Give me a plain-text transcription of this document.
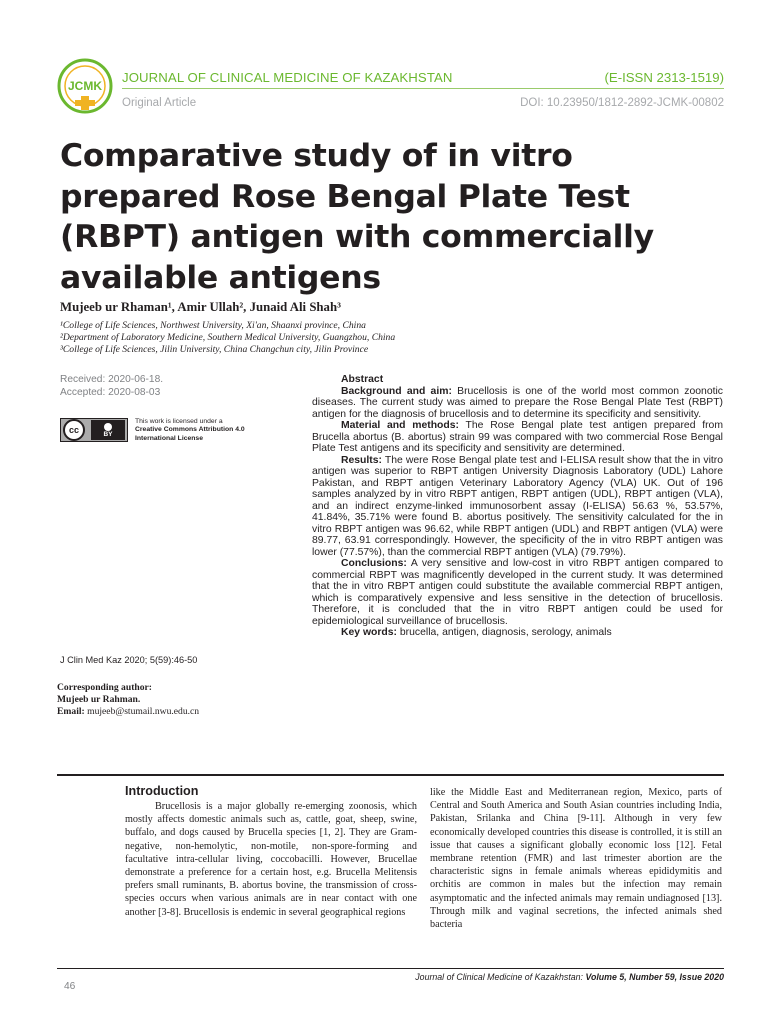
JCMK
JOURNAL OF CLINICAL MEDICINE OF KAZAKHSTAN	(E-ISSN 2313-1519)
Original Article	DOI: 10.23950/1812-2892-JCMK-00802
Comparative study of in vitro
prepared Rose Bengal Plate Test
(RBPT) antigen with commercially
available antigens
Mujeeb ur Rhaman¹, Amir Ullah², Junaid Ali Shah³
¹College of Life Sciences, Northwest University, Xi'an, Shaanxi province, China
²Department of Laboratory Medicine, Southern Medical University, Guangzhou, China
³College of Life Sciences, Jilin University, China Changchun city, Jilin Province
Received: 2020-06-18.
Accepted: 2020-08-03
cc	BY
This work is licensed under a
Creative Commons Attribution 4.0
International License
J Clin Med Kaz 2020; 5(59):46-50
Corresponding author:
Mujeeb ur Rahman.
Email: mujeeb@stumail.nwu.edu.cn
Abstract

Background and aim: Brucellosis is one of the world most common zoonotic diseases. The current study was aimed to prepare the Rose Bengal Plate Test (RBPT) antigen for the diagnosis of brucellosis and to determine its specificity and sensitivity.

Material and methods: The Rose Bengal plate test antigen prepared from Brucella abortus (B. abortus) strain 99 was compared with two commercial Rose Bengal Plate Test antigens and its specificity and sensitivity are determined.

Results: The were Rose Bengal plate test and I-ELISA result show that the in vitro antigen was superior to RBPT antigen University Diagnosis Laboratory (UDL) Lahore Pakistan, and RBPT antigen Veterinary Laboratory Agency (VLA) UK. Out of 196 samples analyzed by in vitro RBPT antigen, RBPT antigen (UDL), RBPT antigen (VLA), and an indirect enzyme-linked immunosorbent assay (I-ELISA) 56.63 %, 53.57%, 41.84%, 35.71% were found B. abortus positively. The sensitivity calculated for the in vitro RBPT antigen was 96.62, while RBPT antigen (UDL) and RBPT antigen (VLA) were 89.77, 63.91 correspondingly. However, the specificity of the in vitro RBPT antigen was lower (77.57%), than the commercial RBPT antigen (VLA) (79.79%).

Conclusions: A very sensitive and low-cost in vitro RBPT antigen compared to commercial RBPT was magnificently developed in the current study. It was determined that the in vitro RBPT antigen could substitute the available commercial RBPT antigen, which is comparatively expensive and less sensitive in the detection of brucellosis. Therefore, it is concluded that the in vitro RBPT antigen could be used for epidemiological surveillance of brucellosis.

Key words: brucella, antigen, diagnosis, serology, animals

Introduction

Brucellosis is a major globally re-emerging zoonosis, which mostly affects domestic animals such as, cattle, goat, sheep, swine, buffalo, and dogs caused by Brucella species [1, 2]. They are Gram-negative, non-hemolytic, non-motile, non-spore-forming and facultative intra-cellular living, coccobacilli. However, Brucellae demonstrate a preference for a certain host, e.g. Brucella Melitensis prefers small ruminants, B. abortus bovine, the transmission of cross-species occurs when various animals are in near contact with one another [3-8]. Brucellosis is endemic in several geographical regions

like the Middle East and Mediterranean region, Mexico, parts of Central and South America and South Asian countries including India, Pakistan, Srilanka and China [9-11]. Although in very few economically developed countries this disease is controlled, it is still an issue that causes a significant globally economic loss [12]. Fetal membrane retention (FMR) and last trimester abortion are the characteristic signs in female animals whereas epididymitis and orchitis are common in males but the infection may remain asymptomatic and the infected animals may remain undiagnosed [13]. Through milk and vaginal secretions, the infected animals shed bacteria

Journal of Clinical Medicine of Kazakhstan: Volume 5, Number 59, Issue 2020
46
